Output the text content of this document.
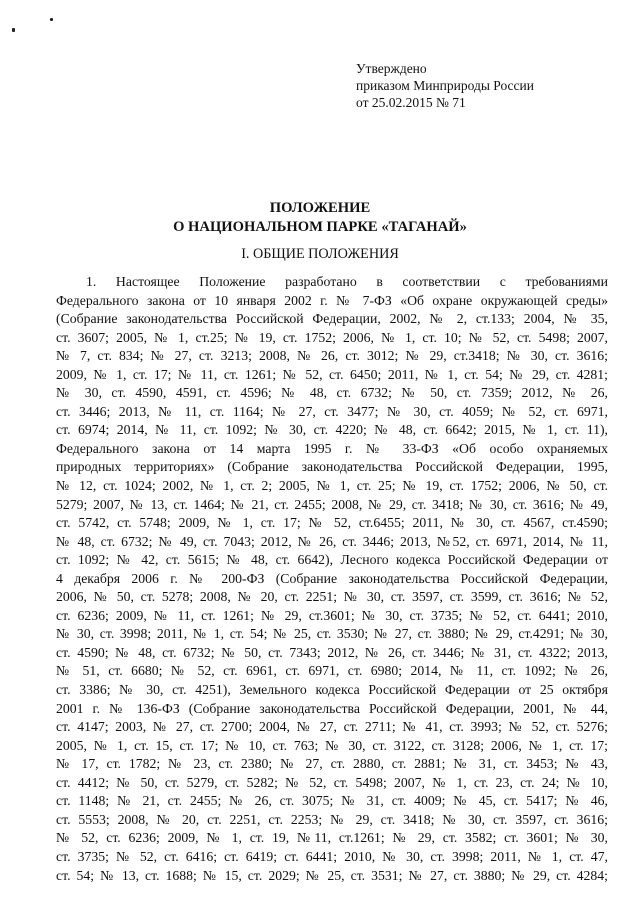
Утверждено
приказом Минприроды России
от 25.02.2015 № 71
ПОЛОЖЕНИЕ
О НАЦИОНАЛЬНОМ ПАРКЕ «ТАГАНАЙ»
I. ОБЩИЕ ПОЛОЖЕНИЯ
1. Настоящее Положение разработано в соответствии с требованиями
Федерального закона от 10 января 2002 г. № 7-ФЗ «Об охране окружающей среды»
(Собрание законодательства Российской Федерации, 2002, № 2, ст.133; 2004, № 35,
ст. 3607; 2005, № 1, ст.25; № 19, ст. 1752; 2006, № 1, ст. 10; № 52, ст. 5498; 2007,
№ 7, ст. 834; № 27, ст. 3213; 2008, № 26, ст. 3012; № 29, ст.3418; № 30, ст. 3616;
2009, № 1, ст. 17; № 11, ст. 1261; № 52, ст. 6450; 2011, № 1, ст. 54; № 29, ст. 4281;
№ 30, ст. 4590, 4591, ст. 4596; № 48, ст. 6732; № 50, ст. 7359; 2012, № 26,
ст. 3446; 2013, № 11, ст. 1164; № 27, ст. 3477; № 30, ст. 4059; № 52, ст. 6971,
ст. 6974; 2014, № 11, ст. 1092; № 30, ст. 4220; № 48, ст. 6642; 2015, № 1, ст. 11),
Федерального закона от 14 марта 1995 г. № 33-ФЗ «Об особо охраняемых
природных территориях» (Собрание законодательства Российской Федерации, 1995,
№ 12, ст. 1024; 2002, № 1, ст. 2; 2005, № 1, ст. 25; № 19, ст. 1752; 2006, № 50, ст.
5279; 2007, № 13, ст. 1464; № 21, ст. 2455; 2008, № 29, ст. 3418; № 30, ст. 3616; № 49,
ст. 5742, ст. 5748; 2009, № 1, ст. 17; № 52, ст.6455; 2011, № 30, ст. 4567, ст.4590;
№ 48, ст. 6732; № 49, ст. 7043; 2012, № 26, ст. 3446; 2013, №52, ст. 6971, 2014, № 11,
ст. 1092; № 42, ст. 5615; № 48, ст. 6642), Лесного кодекса Российской Федерации от
4 декабря 2006 г. № 200-ФЗ (Собрание законодательства Российской Федерации,
2006, № 50, ст. 5278; 2008, № 20, ст. 2251; № 30, ст. 3597, ст. 3599, ст. 3616; № 52,
ст. 6236; 2009, № 11, ст. 1261; № 29, ст.3601; № 30, ст. 3735; № 52, ст. 6441; 2010,
№ 30, ст. 3998; 2011, № 1, ст. 54; № 25, ст. 3530; № 27, ст. 3880; № 29, ст.4291; № 30,
ст. 4590; № 48, ст. 6732; № 50, ст. 7343; 2012, № 26, ст. 3446; № 31, ст. 4322; 2013,
№ 51, ст. 6680; № 52, ст. 6961, ст. 6971, ст. 6980; 2014, № 11, ст. 1092; № 26,
ст. 3386; № 30, ст. 4251), Земельного кодекса Российской Федерации от 25 октября
2001 г. № 136-ФЗ (Собрание законодательства Российской Федерации, 2001, № 44,
ст. 4147; 2003, № 27, ст. 2700; 2004, № 27, ст. 2711; № 41, ст. 3993; № 52, ст. 5276;
2005, № 1, ст. 15, ст. 17; № 10, ст. 763; № 30, ст. 3122, ст. 3128; 2006, № 1, ст. 17;
№ 17, ст. 1782; № 23, ст. 2380; № 27, ст. 2880, ст. 2881; № 31, ст. 3453; № 43,
ст. 4412; № 50, ст. 5279, ст. 5282; № 52, ст. 5498; 2007, № 1, ст. 23, ст. 24; № 10,
ст. 1148; № 21, ст. 2455; № 26, ст. 3075; № 31, ст. 4009; № 45, ст. 5417; № 46,
ст. 5553; 2008, № 20, ст. 2251, ст. 2253; № 29, ст. 3418; № 30, ст. 3597, ст. 3616;
№ 52, ст. 6236; 2009, № 1, ст. 19, №11, ст.1261; № 29, ст. 3582; ст. 3601; № 30,
ст. 3735; № 52, ст. 6416; ст. 6419; ст. 6441; 2010, № 30, ст. 3998; 2011, № 1, ст. 47,
ст. 54; № 13, ст. 1688; № 15, ст. 2029; № 25, ст. 3531; № 27, ст. 3880; № 29, ст. 4284;
